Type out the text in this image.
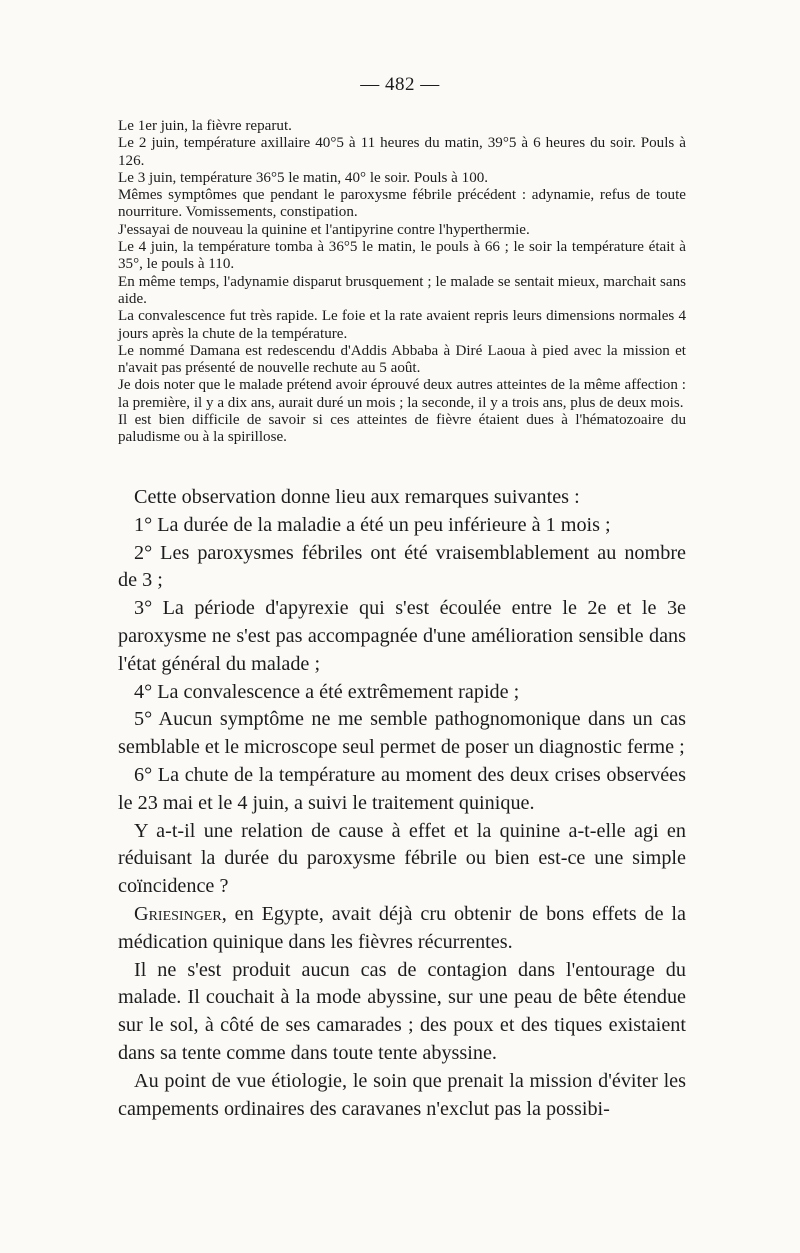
— 482 —

Le 1er juin, la fièvre reparut.

Le 2 juin, température axillaire 40°5 à 11 heures du matin, 39°5 à 6 heures du soir. Pouls à 126.

Le 3 juin, température 36°5 le matin, 40° le soir. Pouls à 100.

Mêmes symptômes que pendant le paroxysme fébrile précédent : adynamie, refus de toute nourriture. Vomissements, constipation.

J'essayai de nouveau la quinine et l'antipyrine contre l'hyperthermie.

Le 4 juin, la température tomba à 36°5 le matin, le pouls à 66 ; le soir la température était à 35°, le pouls à 110.

En même temps, l'adynamie disparut brusquement ; le malade se sentait mieux, marchait sans aide.

La convalescence fut très rapide. Le foie et la rate avaient repris leurs dimensions normales 4 jours après la chute de la température.

Le nommé Damana est redescendu d'Addis Abbaba à Diré Laoua à pied avec la mission et n'avait pas présenté de nouvelle rechute au 5 août.

Je dois noter que le malade prétend avoir éprouvé deux autres atteintes de la même affection : la première, il y a dix ans, aurait duré un mois ; la seconde, il y a trois ans, plus de deux mois.

Il est bien difficile de savoir si ces atteintes de fièvre étaient dues à l'hématozoaire du paludisme ou à la spirillose.

Cette observation donne lieu aux remarques suivantes :

1° La durée de la maladie a été un peu inférieure à 1 mois ;

2° Les paroxysmes fébriles ont été vraisemblablement au nombre de 3 ;

3° La période d'apyrexie qui s'est écoulée entre le 2e et le 3e paroxysme ne s'est pas accompagnée d'une amélioration sensible dans l'état général du malade ;

4° La convalescence a été extrêmement rapide ;

5° Aucun symptôme ne me semble pathognomonique dans un cas semblable et le microscope seul permet de poser un diagnostic ferme ;

6° La chute de la température au moment des deux crises observées le 23 mai et le 4 juin, a suivi le traitement quinique.

Y a-t-il une relation de cause à effet et la quinine a-t-elle agi en réduisant la durée du paroxysme fébrile ou bien est-ce une simple coïncidence ?

Griesinger, en Egypte, avait déjà cru obtenir de bons effets de la médication quinique dans les fièvres récurrentes.

Il ne s'est produit aucun cas de contagion dans l'entourage du malade. Il couchait à la mode abyssine, sur une peau de bête étendue sur le sol, à côté de ses camarades ; des poux et des tiques existaient dans sa tente comme dans toute tente abyssine.

Au point de vue étiologie, le soin que prenait la mission d'éviter les campements ordinaires des caravanes n'exclut pas la possibi-
